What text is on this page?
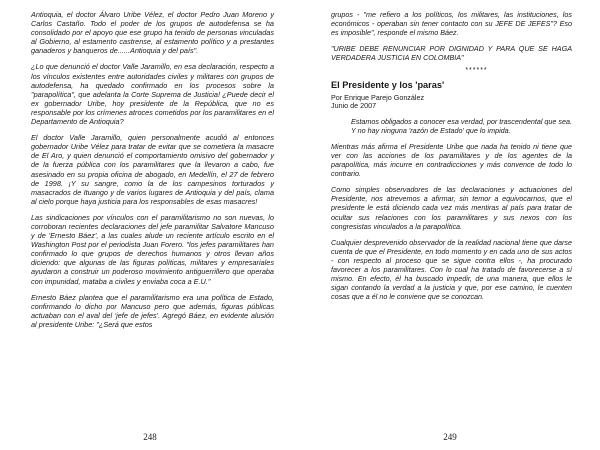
Antioquia, el doctor Álvaro Uribe Vélez, el doctor Pedro Juan Moreno y Carlos Castaño. Todo el poder de los grupos de autodefensa se ha consolidado por el apoyo que ese grupo ha tenido de personas vinculadas al Gobierno, al estamento castrense, al estamento político y a prestantes ganaderos y banqueros de......Antioquia y del país".

¿Lo que denunció el doctor Valle Jaramillo, en esa declaración, respecto a los vínculos existentes entre autoridades civiles y militares con grupos de autodefensa, ha quedado confirmado en los procesos sobre la "parapolítica", que adelanta la Corte Suprema de Justicia! ¿Puede decir el ex gobernador Uribe, hoy presidente de la República, que no es responsable por los crímenes atroces cometidos por los paramilitares en el Departamento de Antioquia?

El doctor Valle Jaramillo, quien personalmente acudió al entonces gobernador Uribe Vélez para tratar de evitar que se cometiera la masacre de El Aro, y quien denunció el comportamiento omisivo del gobernador y de la fuerza pública con los paramilitares que la llevaron a cabo, fue asesinado en su propia oficina de abogado, en Medellín, el 27 de febrero de 1998. ¡Y su sangre, como la de los campesinos torturados y masacrados de Ituango y de varios lugares de Antioquia y del país, clama al cielo porque haya justicia para los responsables de esas masacres!

Las sindicaciones por vínculos con el paramilitarismo no son nuevas, lo corroboran recientes declaraciones del jefe paramilitar Salvatore Mancuso y de 'Ernesto Báez', a las cuales alude un reciente artículo escrito en el Washington Post por el periodista Juan Forero. "los jefes paramilitares han confirmado lo que grupos de derechos humanos y otros llevan años diciendo: que algunas de las figuras políticas, militares y empresariales ayudaron a construir un poderoso movimiento antiguerrillero que operaba con impunidad, mataba a civiles y enviaba coca a E.U."

Ernesto Báez plantea que el paramilitarismo era una política de Estado, confirmando lo dicho por Mancuso pero que además, figuras públicas actuaban con el aval del 'jefe de jefes'. Agregó Báez, en evidente alusión al presidente Uribe: "¿Será que estos

248

grupos - "me refiero a los políticos, los militares, las instituciones, los económicos - operaban sin tener contacto con su JEFE DE JEFES"? Eso es imposible", responde el mismo Báez.

"URIBE DEBE RENUNCIAR POR DIGNIDAD Y PARA QUE SE HAGA VERDADERA JUSTICIA EN COLOMBIA"

******
El Presidente y los 'paras'

Por Enrique Parejo González

Junio de 2007

Estamos obligados a conocer esa verdad, por trascendental que sea. Y no hay ninguna 'razón de Estado' que lo impida.

Mientras más afirma el Presidente Uribe que nada ha tenido ni tiene que ver con las acciones de los paramilitares y de los agentes de la parapolítica, más incurre en contradicciones y más convence de todo lo contrario.

Como simples observadores de las declaraciones y actuaciones del Presidente, nos atrevemos a afirmar, sin temor a equivocarnos, que el presidente le está diciendo cada vez más mentiras al país para tratar de ocultar sus relaciones con los paramilitares y sus nexos con los congresistas vinculados a la parapolítica.

Cualquier desprevenido observador de la realidad nacional tiene que darse cuenta de que el Presidente, en todo momento y en cada uno de sus actos - con respecto al proceso que se sigue contra ellos -, ha procurado favorecer a los paramilitares. Con lo cual ha tratado de favorecerse a sí mismo. En efecto, él ha buscado impedir, de una manera, que ellos le sigan contando la verdad a la justicia y que, por ese camino, le cuenten cosas que a él no le conviene que se conozcan.

249
